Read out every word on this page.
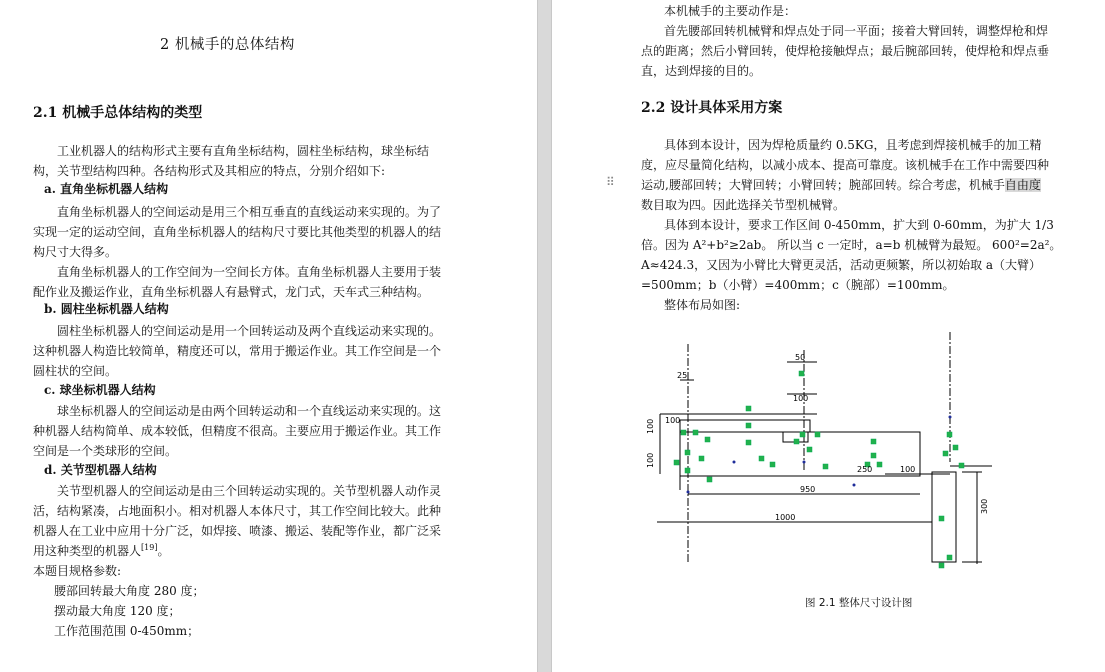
2 机械手的总体结构
2.1 机械手总体结构的类型
工业机器人的结构形式主要有直角坐标结构，圆柱坐标结构，球坐标结
构，关节型结构四种。各结构形式及其相应的特点，分别介绍如下:
a. 直角坐标机器人结构
直角坐标机器人的空间运动是用三个相互垂直的直线运动来实现的。为了
实现一定的运动空间，直角坐标机器人的结构尺寸要比其他类型的机器人的结
构尺寸大得多。
直角坐标机器人的工作空间为一空间长方体。直角坐标机器人主要用于装
配作业及搬运作业，直角坐标机器人有悬臂式，龙门式，天车式三种结构。
b. 圆柱坐标机器人结构
圆柱坐标机器人的空间运动是用一个回转运动及两个直线运动来实现的。
这种机器人构造比较简单，精度还可以，常用于搬运作业。其工作空间是一个
圆柱状的空间。
c. 球坐标机器人结构
球坐标机器人的空间运动是由两个回转运动和一个直线运动来实现的。这
种机器人结构简单、成本较低，但精度不很高。主要应用于搬运作业。其工作
空间是一个类球形的空间。
d. 关节型机器人结构
关节型机器人的空间运动是由三个回转运动实现的。关节型机器人动作灵
活，结构紧凑，占地面积小。相对机器人本体尺寸，其工作空间比较大。此种
机器人在工业中应用十分广泛，如焊接、喷漆、搬运、装配等作业，都广泛采
用这种类型的机器人[19]。
本题目规格参数:
腰部回转最大角度 280 度；
摆动最大角度 120 度；
工作范围范围 0-450mm；
本机械手的主要动作是：
首先腰部回转机械臂和焊点处于同一平面；接着大臂回转，调整焊枪和焊
点的距离；然后小臂回转，使焊枪接触焊点；最后腕部回转，使焊枪和焊点垂
直，达到焊接的目的。
2.2 设计具体采用方案
具体到本设计，因为焊枪质量约 0.5KG，且考虑到焊接机械手的加工精
度，应尽量简化结构，以减小成本、提高可靠度。该机械手在工作中需要四种
运动,腰部回转；大臂回转；小臂回转；腕部回转。综合考虑，机械手自由度
数目取为四。因此选择关节型机械臂。
具体到本设计，要求工作区间 0-450mm，扩大到 0-60mm，为扩大 1/3
倍。因为 A²+b²≥2ab。 所以当 c 一定时，a=b 机械臂为最短。 600²=2a²。
A≈424.3，又因为小臂比大臂更灵活，活动更频繁，所以初始取 a（大臂）
=500mm；b（小臂）=400mm；c（腕部）=100mm。
整体布局如图:
25
50
100
100
100
100
100
250
950
1000
300
图 2.1 整体尺寸设计图
⠿
